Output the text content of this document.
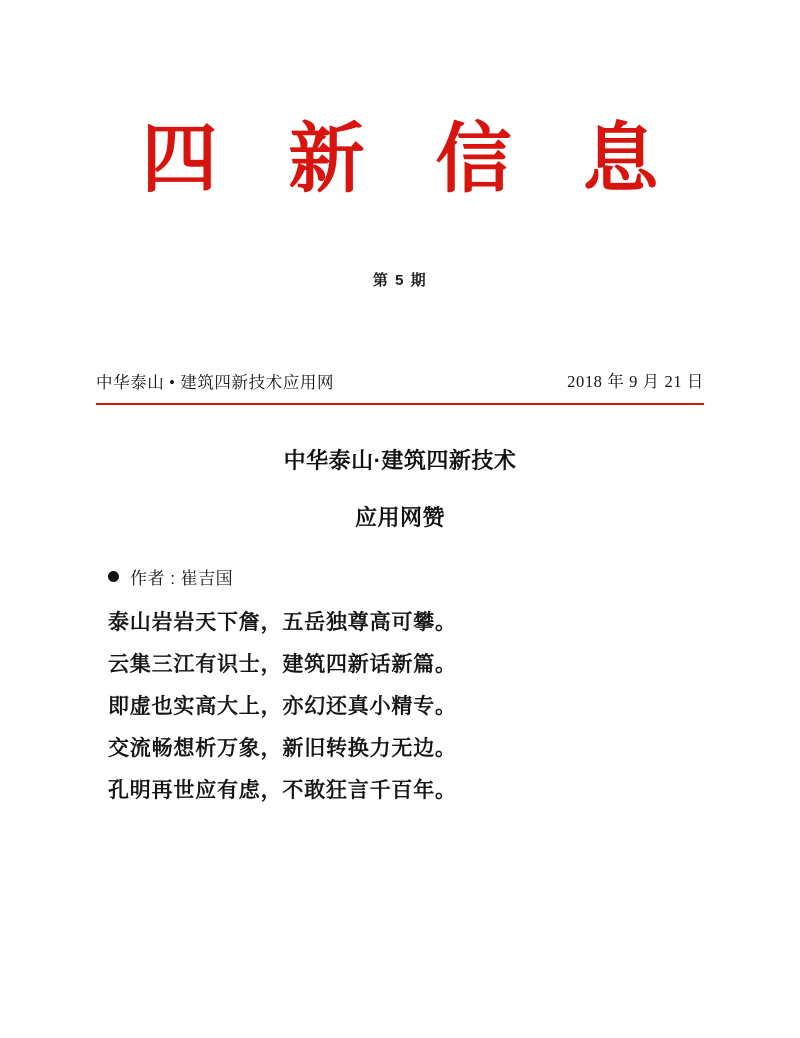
四 新 信 息
第 5 期
中华泰山 • 建筑四新技术应用网	2018 年 9 月 21 日
中华泰山·建筑四新技术
应用网赞
作者 : 崔吉国
泰山岩岩天下詹，五岳独尊高可攀。
云集三江有识士，建筑四新话新篇。
即虚也实高大上，亦幻还真小精专。
交流畅想析万象，新旧转换力无边。
孔明再世应有虑，不敢狂言千百年。
